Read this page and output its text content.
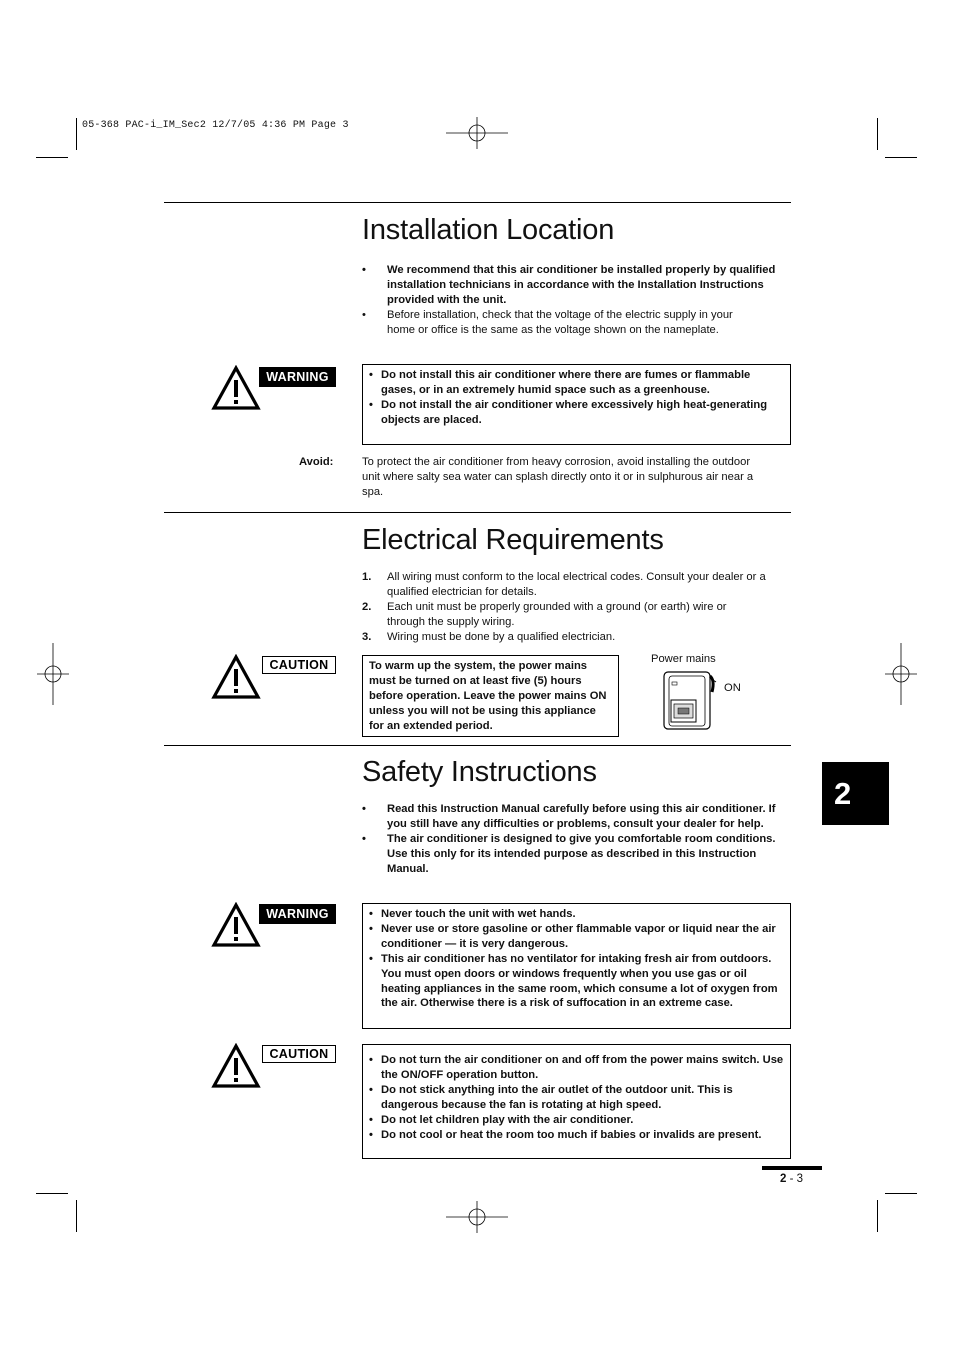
05-368 PAC-i_IM_Sec2 12/7/05 4:36 PM Page 3
Installation Location
• We recommend that this air conditioner be installed properly by qualified installation technicians in accordance with the Installation Instructions provided with the unit.
• Before installation, check that the voltage of the electric supply in your home or office is the same as the voltage shown on the nameplate.
WARNING	• Do not install this air conditioner where there are fumes or flammable gases, or in an extremely humid space such as a greenhouse.
• Do not install the air conditioner where excessively high heat-generating objects are placed.
Avoid:	To protect the air conditioner from heavy corrosion, avoid installing the outdoor unit where salty sea water can splash directly onto it or in sulphurous air near a spa.
Electrical Requirements
1. All wiring must conform to the local electrical codes. Consult your dealer or a qualified electrician for details.
2. Each unit must be properly grounded with a ground (or earth) wire or through the supply wiring.
3. Wiring must be done by a qualified electrician.
CAUTION	To warm up the system, the power mains must be turned on at least five (5) hours before operation. Leave the power mains ON unless you will not be using this appliance for an extended period.
Power mains
ON
Safety Instructions
• Read this Instruction Manual carefully before using this air conditioner. If you still have any difficulties or problems, consult your dealer for help.
• The air conditioner is designed to give you comfortable room conditions. Use this only for its intended purpose as described in this Instruction Manual.
WARNING	• Never touch the unit with wet hands.
• Never use or store gasoline or other flammable vapor or liquid near the air conditioner — it is very dangerous.
• This air conditioner has no ventilator for intaking fresh air from outdoors. You must open doors or windows frequently when you use gas or oil heating appliances in the same room, which consume a lot of oxygen from the air. Otherwise there is a risk of suffocation in an extreme case.
CAUTION	• Do not turn the air conditioner on and off from the power mains switch. Use the ON/OFF operation button.
• Do not stick anything into the air outlet of the outdoor unit. This is dangerous because the fan is rotating at high speed.
• Do not let children play with the air conditioner.
• Do not cool or heat the room too much if babies or invalids are present.
2
2 - 3
